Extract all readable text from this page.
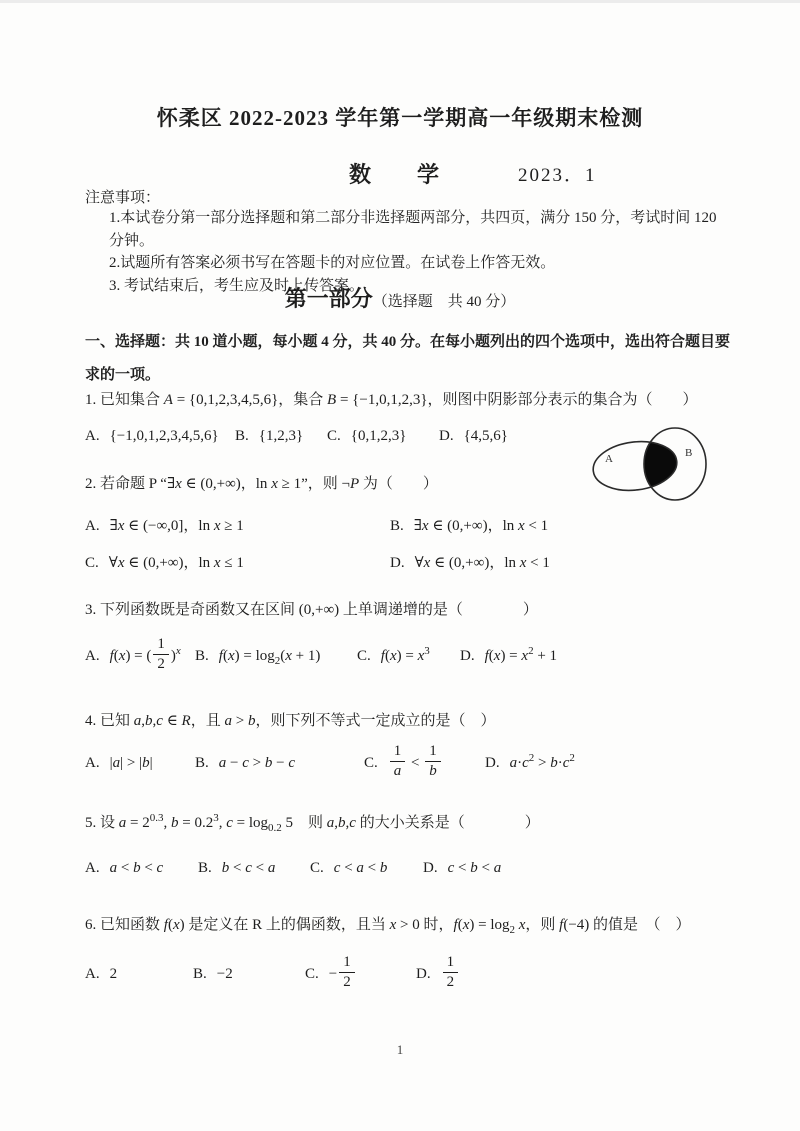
怀柔区 2022-2023 学年第一学期高一年级期末检测
数　学	2023．1
注意事项：
1.本试卷分第一部分选择题和第二部分非选择题两部分，共四页，满分 150 分，考试时间 120 分钟。
2.试题所有答案必须书写在答题卡的对应位置。在试卷上作答无效。
3. 考试结束后，考生应及时上传答案。
第一部分（选择题　共 40 分）
一、选择题：共 10 道小题，每小题 4 分，共 40 分。在每小题列出的四个选项中，选出符合题目要求的一项。
1. 已知集合 A = {0,1,2,3,4,5,6}，集合 B = {−1,0,1,2,3}，则图中阴影部分表示的集合为（　　）
A. {−1,0,1,2,3,4,5,6}	B. {1,2,3}	C. {0,1,2,3}	D. {4,5,6}
A	B
2. 若命题 P “∃x ∈ (0,+∞)，ln x ≥ 1”，则 ¬P 为（　　）
A. ∃x ∈ (−∞,0]，ln x ≥ 1	B. ∃x ∈ (0,+∞)，ln x < 1
C. ∀x ∈ (0,+∞)，ln x ≤ 1	D. ∀x ∈ (0,+∞)，ln x < 1
3. 下列函数既是奇函数又在区间 (0,+∞) 上单调递增的是（　　　　）
A. f(x) = ( $\frac{1}{2} )^x$ B. $f(x) = \log_2(x + 1)$	C. $f(x) = x^3$	D. $f(x) = x^2 + 1$
4. 已知 a,b,c ∈ R，且 a > b，则下列不等式一定成立的是（　）
A. |a| > |b|	B. a − c > b − c	C. $\frac{1}{a} < \frac{1}{b}$	D. $a\cdot c^2 > b\cdot c^2$
5. 设 $a = 2^{0.3}$, $b = 0.2^3$, $c = \log_{0.2} 5$　则 a,b,c 的大小关系是（　　　　）
A. a < b < c	B. b < c < a	C. c < a < b	D. c < b < a
6. 已知函数 f(x) 是定义在 R 上的偶函数，且当 x > 0 时，$f(x) = \log_2 x$，则 f(−4) 的值是　（　）
A. 2	B. −2	C. − $\frac{1}{2}$	D. $\frac{1}{2}$
1
